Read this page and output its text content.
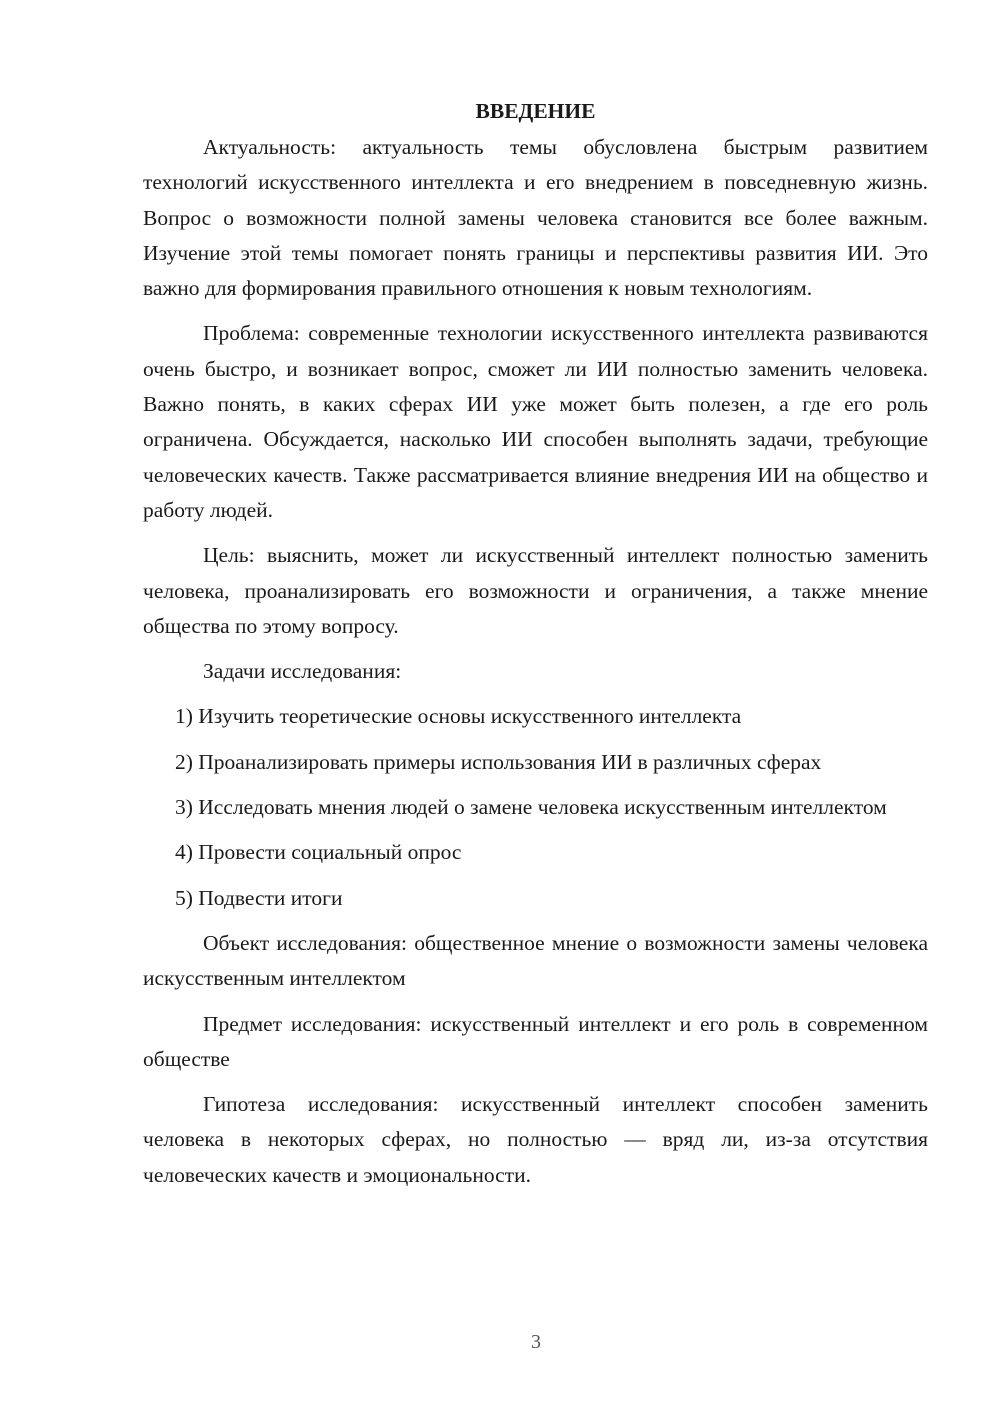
ВВЕДЕНИЕ

Актуальность: актуальность темы обусловлена быстрым развитием технологий искусственного интеллекта и его внедрением в повседневную жизнь. Вопрос о возможности полной замены человека становится все более важным. Изучение этой темы помогает понять границы и перспективы развития ИИ. Это важно для формирования правильного отношения к новым технологиям.

Проблема: современные технологии искусственного интеллекта развиваются очень быстро, и возникает вопрос, сможет ли ИИ полностью заменить человека. Важно понять, в каких сферах ИИ уже может быть полезен, а где его роль ограничена. Обсуждается, насколько ИИ способен выполнять задачи, требующие человеческих качеств. Также рассматривается влияние внедрения ИИ на общество и работу людей.

Цель: выяснить, может ли искусственный интеллект полностью заменить человека, проанализировать его возможности и ограничения, а также мнение общества по этому вопросу.

Задачи исследования:

1) Изучить теоретические основы искусственного интеллекта

2) Проанализировать примеры использования ИИ в различных сферах

3) Исследовать мнения людей о замене человека искусственным интеллектом

4) Провести социальный опрос

5) Подвести итоги

Объект исследования: общественное мнение о возможности замены человека искусственным интеллектом

Предмет исследования: искусственный интеллект и его роль в современном обществе

Гипотеза исследования: искусственный интеллект способен заменить человека в некоторых сферах, но полностью — вряд ли, из-за отсутствия человеческих качеств и эмоциональности.

3
